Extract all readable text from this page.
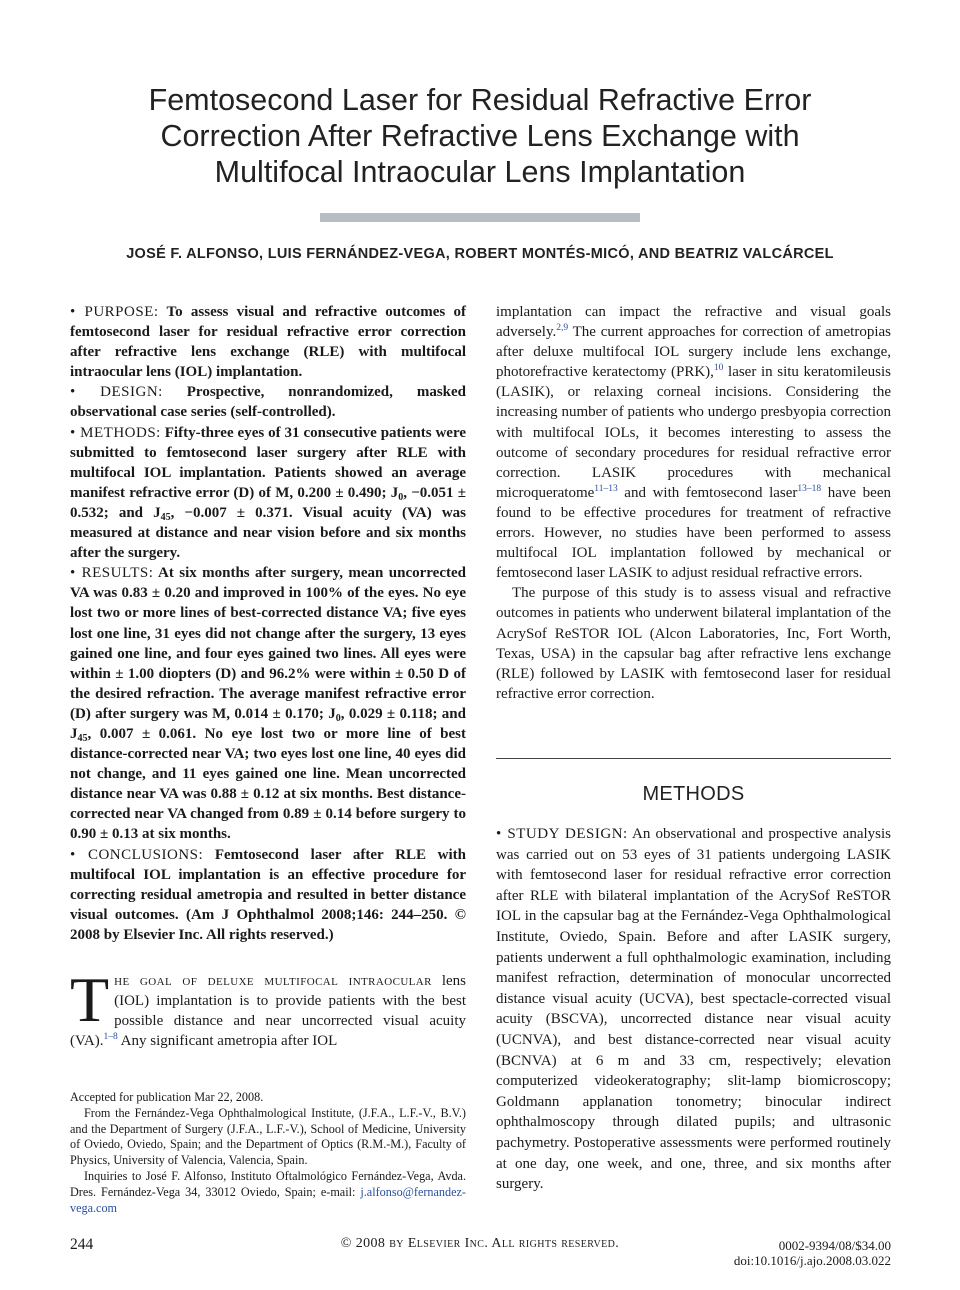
Femtosecond Laser for Residual Refractive Error
Correction After Refractive Lens Exchange with
Multifocal Intraocular Lens Implantation
JOSÉ F. ALFONSO, LUIS FERNÁNDEZ-VEGA, ROBERT MONTÉS-MICÓ, AND BEATRIZ VALCÁRCEL

• PURPOSE: To assess visual and refractive outcomes of femtosecond laser for residual refractive error correction after refractive lens exchange (RLE) with multifocal intraocular lens (IOL) implantation.

• DESIGN: Prospective, nonrandomized, masked observational case series (self-controlled).

• METHODS: Fifty-three eyes of 31 consecutive patients were submitted to femtosecond laser surgery after RLE with multifocal IOL implantation. Patients showed an average manifest refractive error (D) of M, 0.200 ± 0.490; $J_0$, −0.051 ± 0.532; and $J_{45}$, −0.007 ± 0.371. Visual acuity (VA) was measured at distance and near vision before and six months after the surgery.

• RESULTS: At six months after surgery, mean uncorrected VA was 0.83 ± 0.20 and improved in 100% of the eyes. No eye lost two or more lines of best-corrected distance VA; five eyes lost one line, 31 eyes did not change after the surgery, 13 eyes gained one line, and four eyes gained two lines. All eyes were within ± 1.00 diopters (D) and 96.2% were within ± 0.50 D of the desired refraction. The average manifest refractive error (D) after surgery was M, 0.014 ± 0.170; $J_0$, 0.029 ± 0.118; and $J_{45}$, 0.007 ± 0.061. No eye lost two or more line of best distance-corrected near VA; two eyes lost one line, 40 eyes did not change, and 11 eyes gained one line. Mean uncorrected distance near VA was 0.88 ± 0.12 at six months. Best distance-corrected near VA changed from 0.89 ± 0.14 before surgery to 0.90 ± 0.13 at six months.

• CONCLUSIONS: Femtosecond laser after RLE with multifocal IOL implantation is an effective procedure for correcting residual ametropia and resulted in better distance visual outcomes. (Am J Ophthalmol 2008;146: 244–250. © 2008 by Elsevier Inc. All rights reserved.)

The goal of deluxe multifocal intraocular lens (IOL) implantation is to provide patients with the best possible distance and near uncorrected visual acuity (VA).$^{1-8}$ Any significant ametropia after IOL

Accepted for publication Mar 22, 2008.

From the Fernández-Vega Ophthalmological Institute, (J.F.A., L.F.-V., B.V.) and the Department of Surgery (J.F.A., L.F.-V.), School of Medicine, University of Oviedo, Oviedo, Spain; and the Department of Optics (R.M.-M.), Faculty of Physics, University of Valencia, Valencia, Spain.

Inquiries to José F. Alfonso, Instituto Oftalmológico Fernández-Vega, Avda. Dres. Fernández-Vega 34, 33012 Oviedo, Spain; e-mail: j.alfonso@fernandez-vega.com

implantation can impact the refractive and visual goals adversely.$^{2,9}$ The current approaches for correction of ametropias after deluxe multifocal IOL surgery include lens exchange, photorefractive keratectomy (PRK),$^{10}$ laser in situ keratomileusis (LASIK), or relaxing corneal incisions. Considering the increasing number of patients who undergo presbyopia correction with multifocal IOLs, it becomes interesting to assess the outcome of secondary procedures for residual refractive error correction. LASIK procedures with mechanical microqueratome$^{11-13}$ and with femtosecond laser$^{13-18}$ have been found to be effective procedures for treatment of refractive errors. However, no studies have been performed to assess multifocal IOL implantation followed by mechanical or femtosecond laser LASIK to adjust residual refractive errors.

The purpose of this study is to assess visual and refractive outcomes in patients who underwent bilateral implantation of the AcrySof ReSTOR IOL (Alcon Laboratories, Inc, Fort Worth, Texas, USA) in the capsular bag after refractive lens exchange (RLE) followed by LASIK with femtosecond laser for residual refractive error correction.

METHODS

• STUDY DESIGN: An observational and prospective analysis was carried out on 53 eyes of 31 patients undergoing LASIK with femtosecond laser for residual refractive error correction after RLE with bilateral implantation of the AcrySof ReSTOR IOL in the capsular bag at the Fernández-Vega Ophthalmological Institute, Oviedo, Spain. Before and after LASIK surgery, patients underwent a full ophthalmologic examination, including manifest refraction, determination of monocular uncorrected distance visual acuity (UCVA), best spectacle-corrected visual acuity (BSCVA), uncorrected distance near visual acuity (UCNVA), and best distance-corrected near visual acuity (BCNVA) at 6 m and 33 cm, respectively; elevation computerized videokeratography; slit-lamp biomicroscopy; Goldmann applanation tonometry; binocular indirect ophthalmoscopy through dilated pupils; and ultrasonic pachymetry. Postoperative assessments were performed routinely at one day, one week, and one, three, and six months after surgery.

244	© 2008 by Elsevier Inc. All rights reserved.	0002-9394/08/$34.00
doi:10.1016/j.ajo.2008.03.022
